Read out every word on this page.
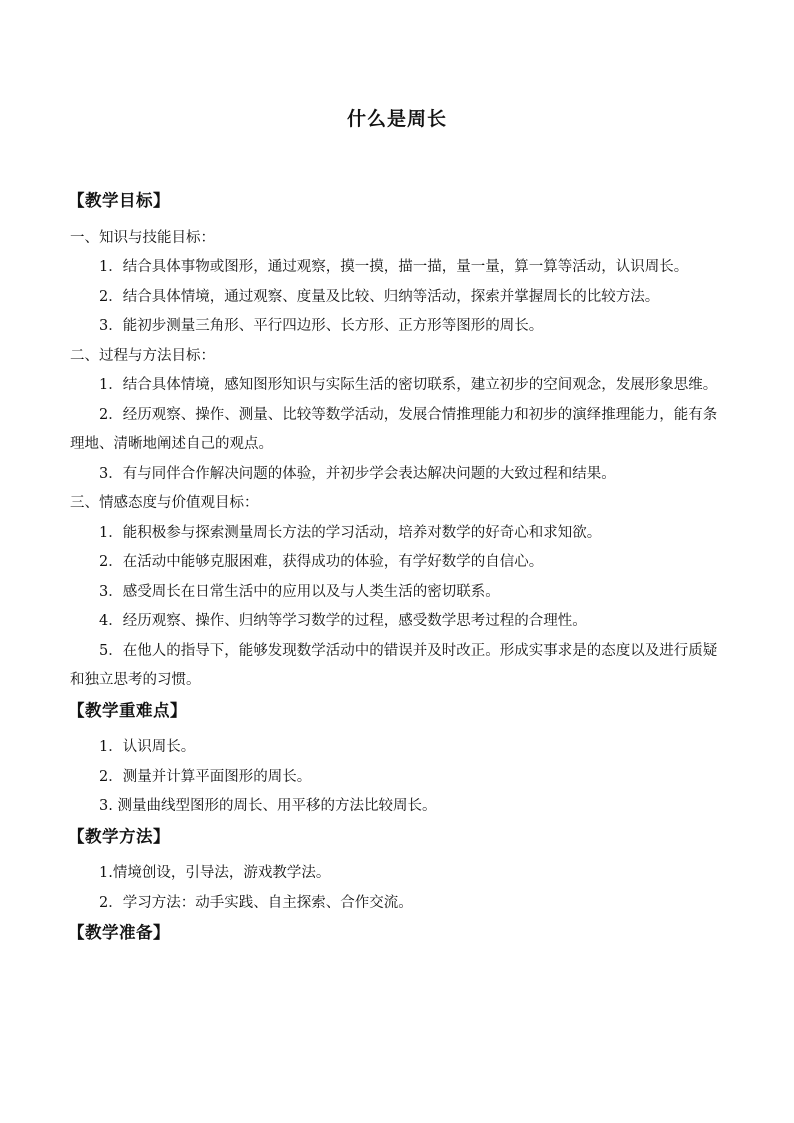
什么是周长
【教学目标】

一、知识与技能目标：

1．结合具体事物或图形，通过观察，摸一摸，描一描，量一量，算一算等活动，认识周长。

2．结合具体情境，通过观察、度量及比较、归纳等活动，探索并掌握周长的比较方法。

3．能初步测量三角形、平行四边形、长方形、正方形等图形的周长。

二、过程与方法目标：

1．结合具体情境，感知图形知识与实际生活的密切联系，建立初步的空间观念，发展形象思维。

2．经历观察、操作、测量、比较等数学活动，发展合情推理能力和初步的演绎推理能力，能有条理地、清晰地阐述自己的观点。

3．有与同伴合作解决问题的体验，并初步学会表达解决问题的大致过程和结果。

三、情感态度与价值观目标：

1．能积极参与探索测量周长方法的学习活动，培养对数学的好奇心和求知欲。

2．在活动中能够克服困难，获得成功的体验，有学好数学的自信心。

3．感受周长在日常生活中的应用以及与人类生活的密切联系。

4．经历观察、操作、归纳等学习数学的过程，感受数学思考过程的合理性。

5．在他人的指导下，能够发现数学活动中的错误并及时改正。形成实事求是的态度以及进行质疑和独立思考的习惯。

【教学重难点】

1．认识周长。

2．测量并计算平面图形的周长。

3. 测量曲线型图形的周长、用平移的方法比较周长。

【教学方法】

1.情境创设，引导法，游戏教学法。

2．学习方法：动手实践、自主探索、合作交流。

【教学准备】
